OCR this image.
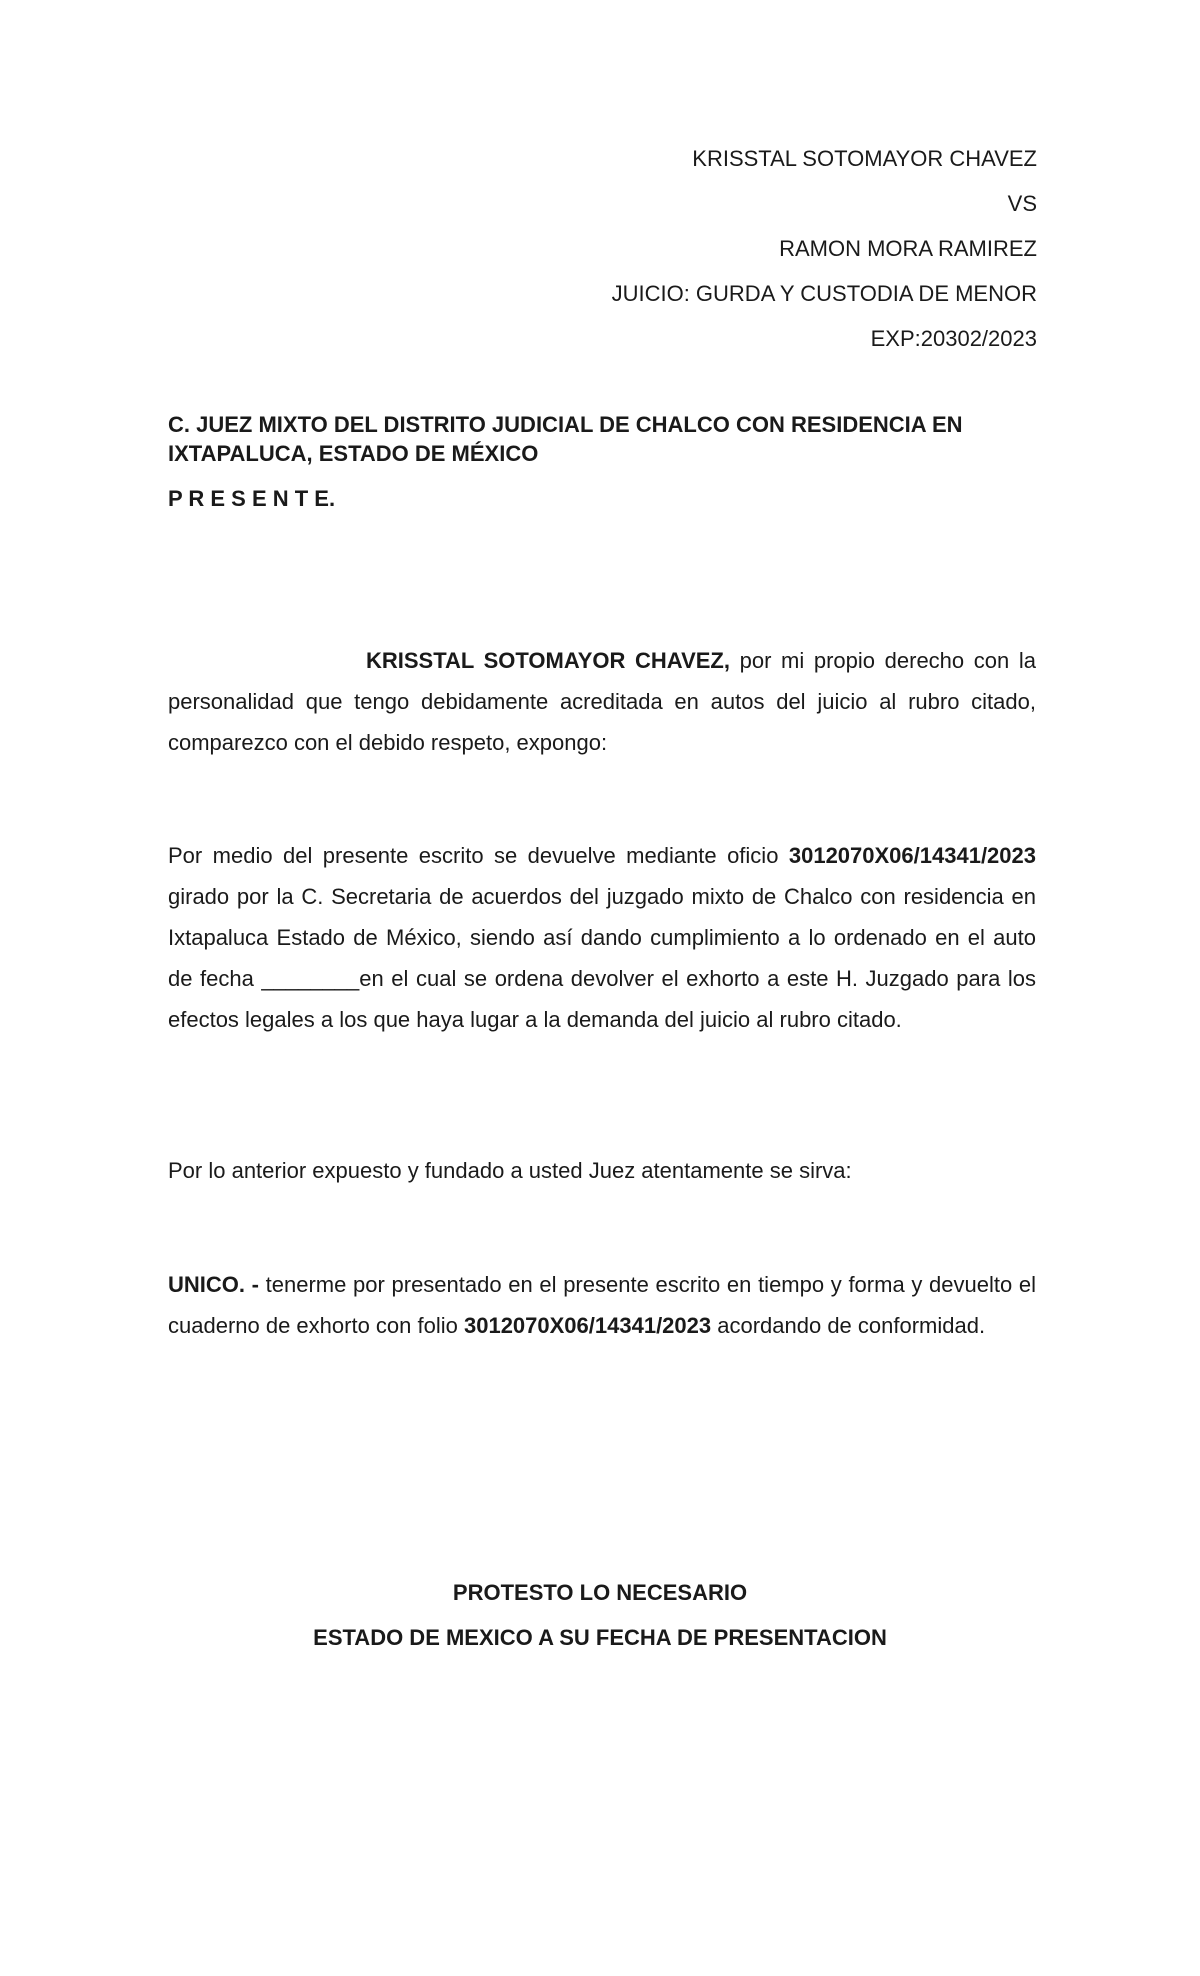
KRISSTAL SOTOMAYOR CHAVEZ
VS
RAMON MORA RAMIREZ
JUICIO: GURDA Y CUSTODIA DE MENOR
EXP:20302/2023
C. JUEZ MIXTO DEL DISTRITO JUDICIAL DE CHALCO CON RESIDENCIA EN IXTAPALUCA, ESTADO DE MÉXICO
P R E S E N T E.
KRISSTAL SOTOMAYOR CHAVEZ, por mi propio derecho con la personalidad que tengo debidamente acreditada en autos del juicio al rubro citado, comparezco con el debido respeto, expongo:
Por medio del presente escrito se devuelve mediante oficio 3012070X06/14341/2023 girado por la C. Secretaria de acuerdos del juzgado mixto de Chalco con residencia en Ixtapaluca Estado de México, siendo así dando cumplimiento a lo ordenado en el auto de fecha ________en el cual se ordena devolver el exhorto a este H. Juzgado para los efectos legales a los que haya lugar a la demanda del juicio al rubro citado.
Por lo anterior expuesto y fundado a usted Juez atentamente se sirva:
UNICO. - tenerme por presentado en el presente escrito en tiempo y forma y devuelto el cuaderno de exhorto con folio 3012070X06/14341/2023 acordando de conformidad.
PROTESTO LO NECESARIO
ESTADO DE MEXICO A SU FECHA DE PRESENTACION
